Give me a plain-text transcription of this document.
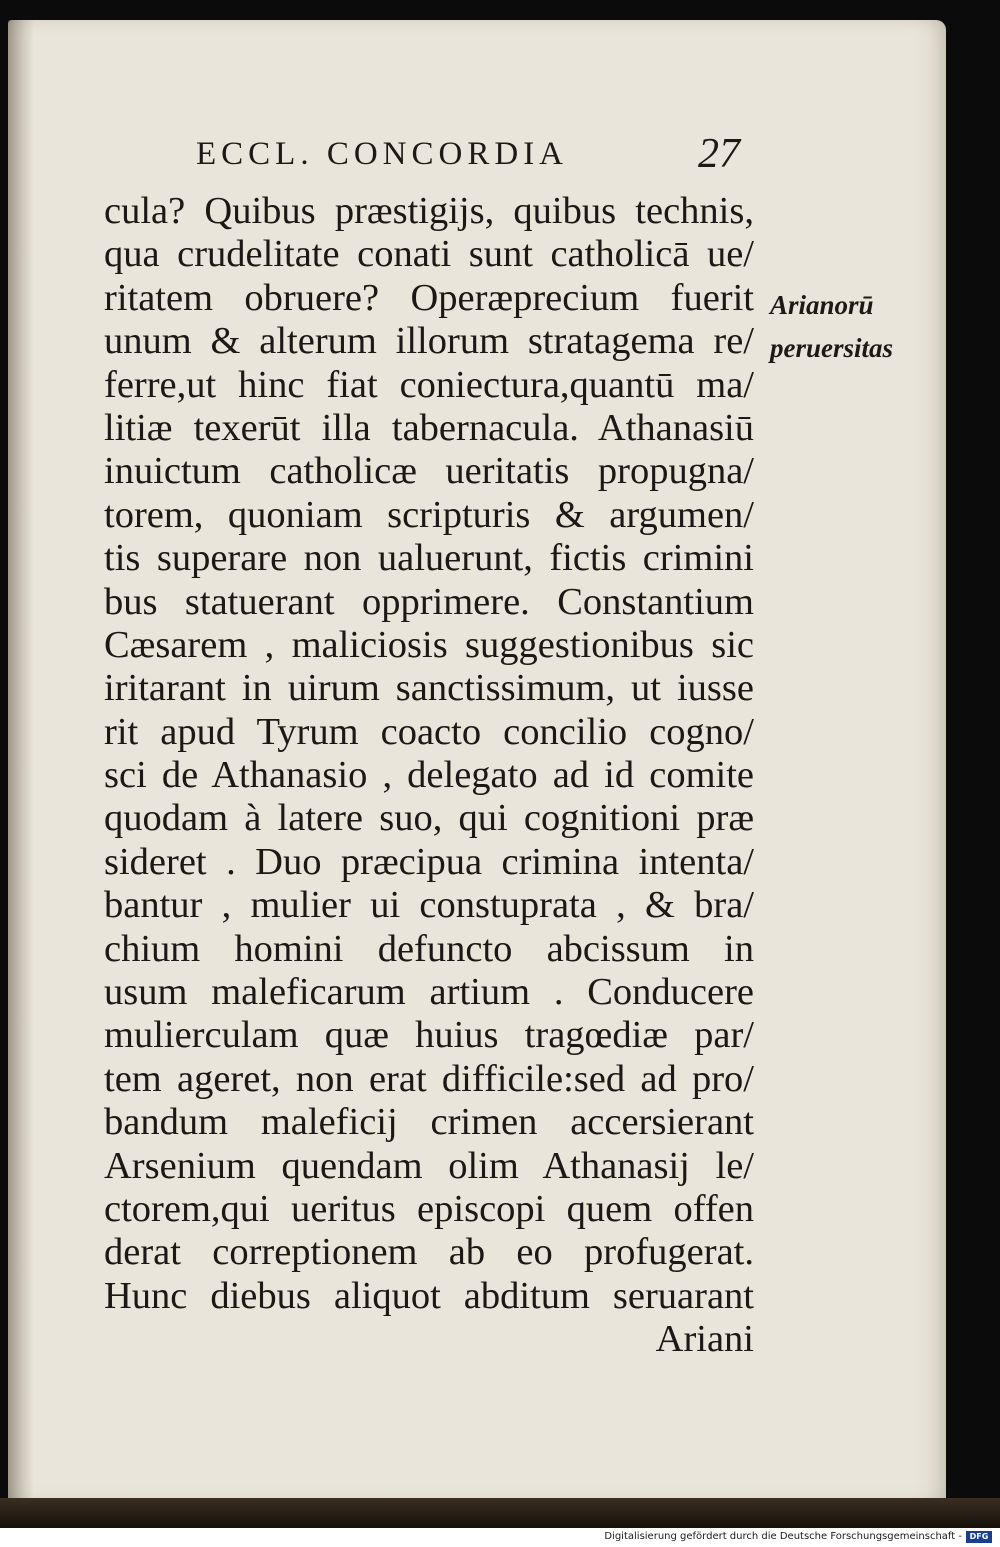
ECCL. CONCORDIA	27
cula? Quibus præstigijs, quibus technis,
qua crudelitate conati sunt catholicā ue/
ritatem obruere? Operæprecium fuerit
unum & alterum illorum stratagema re/
ferre,ut hinc fiat coniectura,quantū ma/
litiæ texerūt illa tabernacula. Athanasiū
inuictum catholicæ ueritatis propugna/
torem, quoniam scripturis & argumen/
tis superare non ualuerunt, fictis crimini
bus statuerant opprimere. Constantium
Cæsarem , maliciosis suggestionibus sic
iritarant in uirum sanctissimum, ut iusse
rit apud Tyrum coacto concilio cogno/
sci de Athanasio , delegato ad id comite
quodam à latere suo, qui cognitioni præ
sideret . Duo præcipua crimina intenta/
bantur , mulier ui constuprata , & bra/
chium homini defuncto abcissum in
usum maleficarum artium . Conducere
mulierculam quæ huius tragœdiæ par/
tem ageret, non erat difficile:sed ad pro/
bandum maleficij crimen accersierant
Arsenium quendam olim Athanasij le/
ctorem,qui ueritus episcopi quem offen
derat correptionem ab eo profugerat.
Hunc diebus aliquot abditum seruarant
Ariani
Arianorū
peruersitas
Digitalisierung gefördert durch die Deutsche Forschungsgemeinschaft - DFG
